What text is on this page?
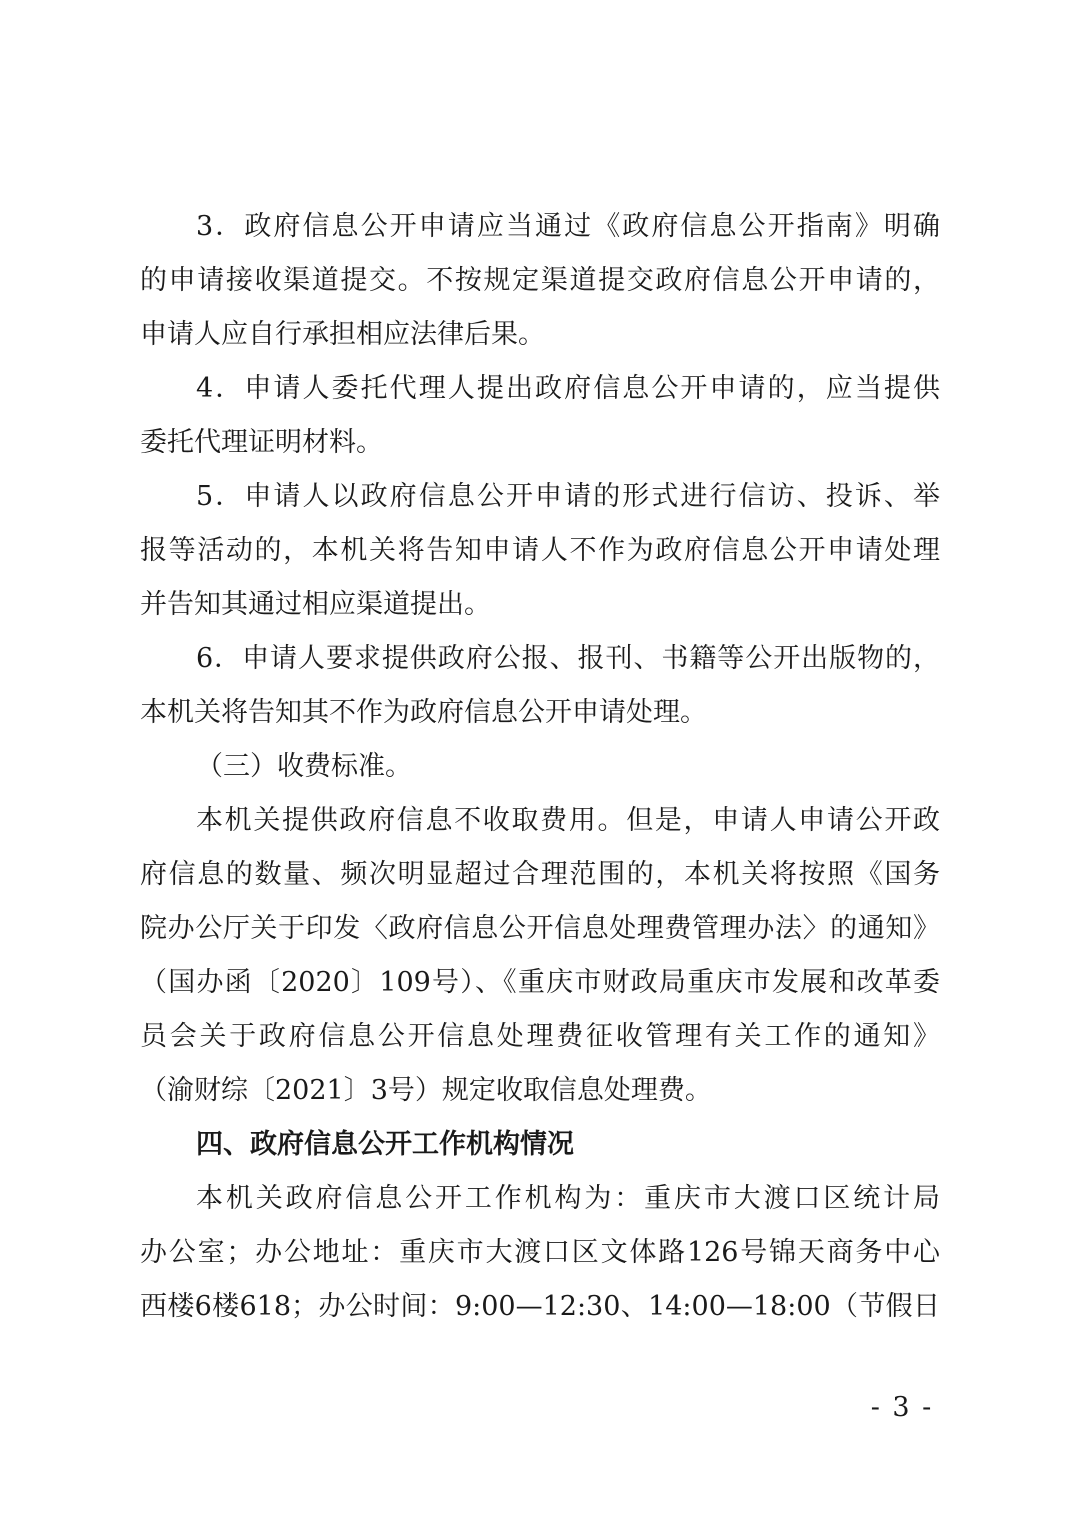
3．政府信息公开申请应当通过《政府信息公开指南》明确
的申请接收渠道提交。不按规定渠道提交政府信息公开申请的，
申请人应自行承担相应法律后果。
4．申请人委托代理人提出政府信息公开申请的，应当提供
委托代理证明材料。
5．申请人以政府信息公开申请的形式进行信访、投诉、举
报等活动的，本机关将告知申请人不作为政府信息公开申请处理
并告知其通过相应渠道提出。
6．申请人要求提供政府公报、报刊、书籍等公开出版物的，
本机关将告知其不作为政府信息公开申请处理。
（三）收费标准。
本机关提供政府信息不收取费用。但是，申请人申请公开政
府信息的数量、频次明显超过合理范围的，本机关将按照《国务
院办公厅关于印发〈政府信息公开信息处理费管理办法〉的通知》
（国办函〔2020〕109号）、《重庆市财政局重庆市发展和改革委
员会关于政府信息公开信息处理费征收管理有关工作的通知》
（渝财综〔2021〕3号）规定收取信息处理费。
四、政府信息公开工作机构情况
本机关政府信息公开工作机构为：重庆市大渡口区统计局
办公室；办公地址：重庆市大渡口区文体路126号锦天商务中心
西楼6楼618；办公时间：9:00—12:30、14:00—18:00（节假日
- 3 -
